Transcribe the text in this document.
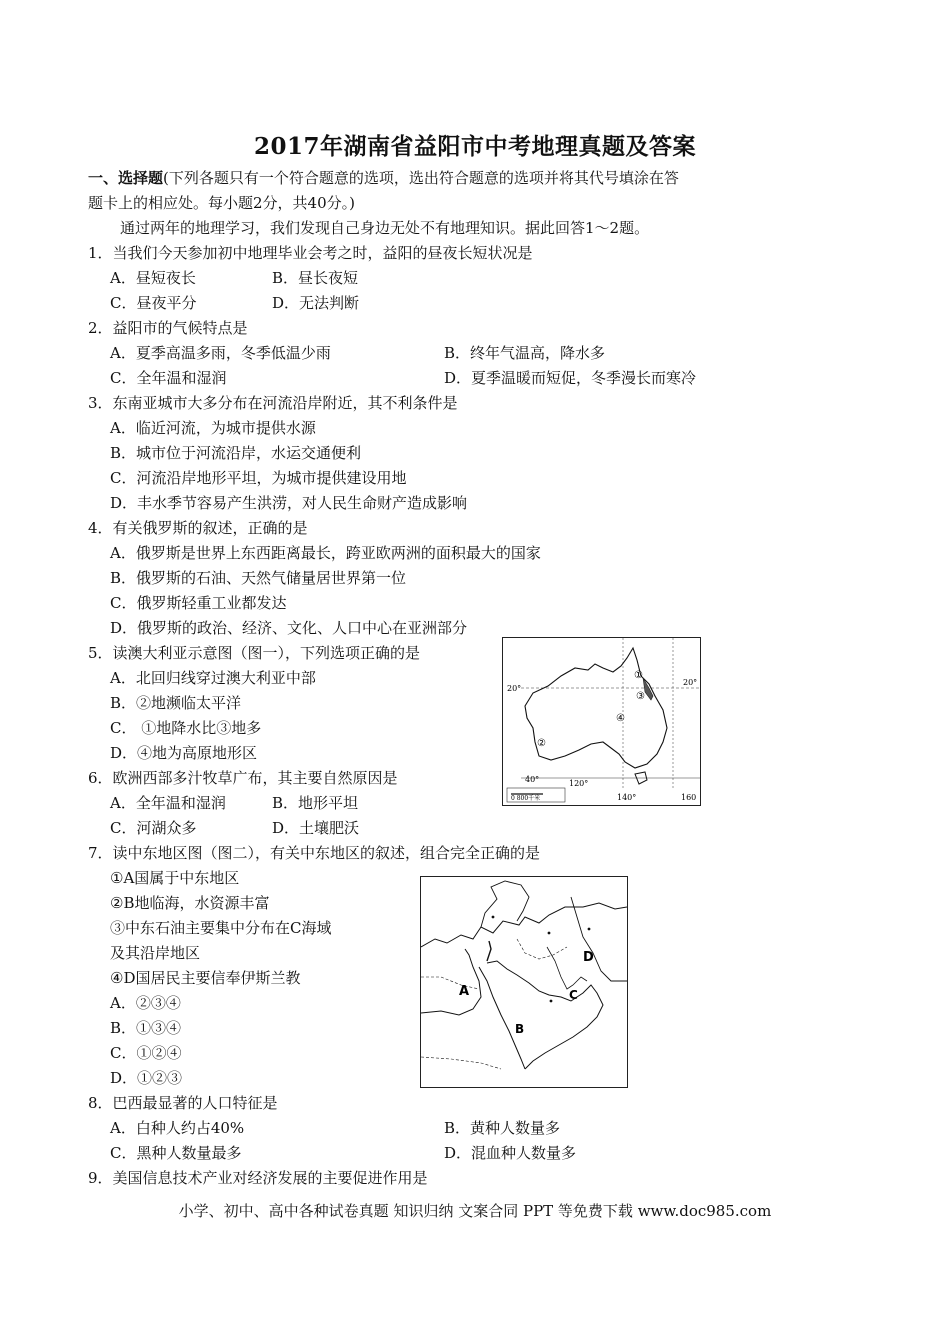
2017年湖南省益阳市中考地理真题及答案
一、选择题(下列各题只有一个符合题意的选项，选出符合题意的选项并将其代号填涂在答
题卡上的相应处。每小题2分，共40分。)
通过两年的地理学习，我们发现自己身边无处不有地理知识。据此回答1～2题。
1．当我们今天参加初中地理毕业会考之时，益阳的昼夜长短状况是
A．昼短夜长	B．昼长夜短
C．昼夜平分	D．无法判断
2．益阳市的气候特点是
A．夏季高温多雨，冬季低温少雨	B．终年气温高，降水多
C．全年温和湿润	D．夏季温暖而短促，冬季漫长而寒冷
3．东南亚城市大多分布在河流沿岸附近，其不利条件是
A．临近河流，为城市提供水源
B．城市位于河流沿岸，水运交通便利
C．河流沿岸地形平坦，为城市提供建设用地
D．丰水季节容易产生洪涝，对人民生命财产造成影响
4．有关俄罗斯的叙述，正确的是
A．俄罗斯是世界上东西距离最长，跨亚欧两洲的面积最大的国家
B．俄罗斯的石油、天然气储量居世界第一位
C．俄罗斯轻重工业都发达
D．俄罗斯的政治、经济、文化、人口中心在亚洲部分
5．读澳大利亚示意图（图一），下列选项正确的是
A．北回归线穿过澳大利亚中部
B．②地濒临太平洋
C． ①地降水比③地多
D．④地为高原地形区
6．欧洲西部多汁牧草广布，其主要自然原因是
A．全年温和湿润	B．地形平坦
C．河湖众多	D．土壤肥沃
①
②
③
④
20°
20°
40°	120°
140°	160
0 800千米
7．读中东地区图（图二），有关中东地区的叙述，组合完全正确的是
①A国属于中东地区
②B地临海，水资源丰富
③中东石油主要集中分布在C海域
及其沿岸地区
④D国居民主要信奉伊斯兰教
A．②③④
B．①③④
C．①②④
D．①②③
A
B
C
D
8．巴西最显著的人口特征是
A．白种人约占40%	B．黄种人数量多
C．黑种人数量最多	D．混血种人数量多
9．美国信息技术产业对经济发展的主要促进作用是
小学、初中、高中各种试卷真题 知识归纳 文案合同 PPT 等免费下载 www.doc985.com
